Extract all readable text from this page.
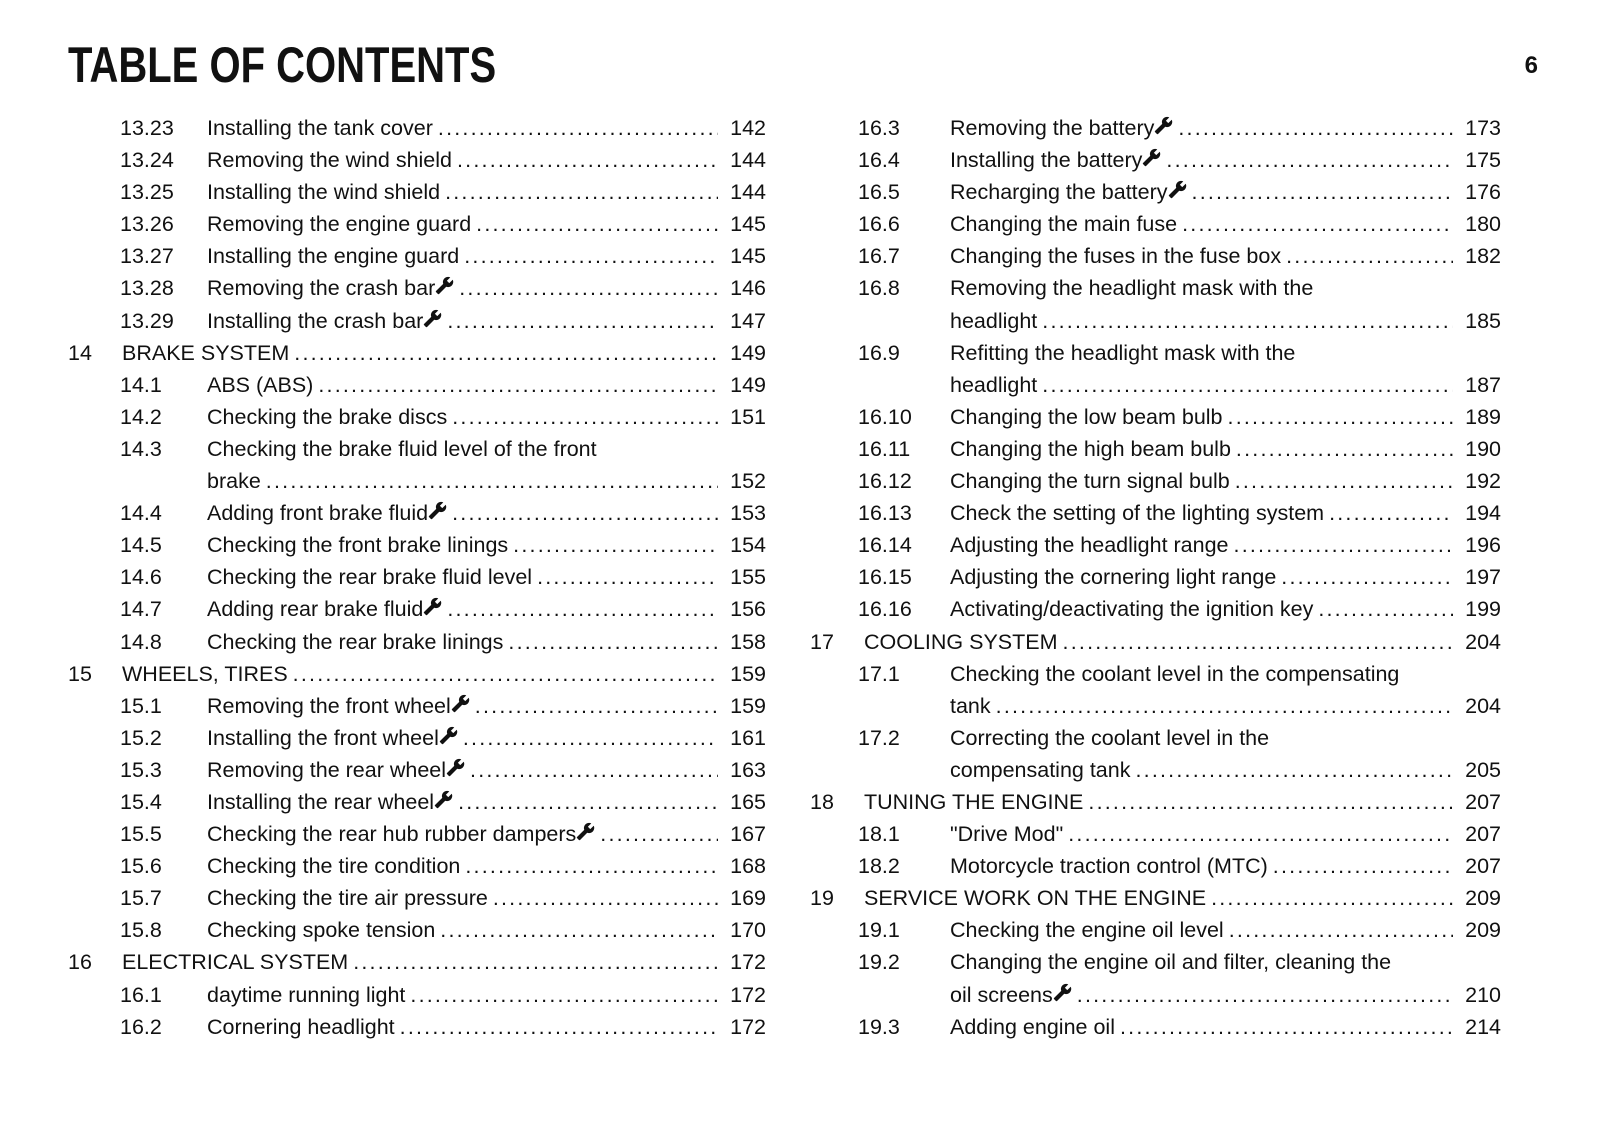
TABLE OF CONTENTS	6
13.23	Installing the tank cover .....	142
13.24	Removing the wind shield .....	144
13.25	Installing the wind shield .....	144
13.26	Removing the engine guard .....	145
13.27	Installing the engine guard .....	145
13.28	Removing the crash bar .....	146
13.29	Installing the crash bar .....	147
14	BRAKE SYSTEM .....	149
14.1	ABS (ABS) .....	149
14.2	Checking the brake discs .....	151
14.3	Checking the brake fluid level of the front
brake .....	152
14.4	Adding front brake fluid .....	153
14.5	Checking the front brake linings .....	154
14.6	Checking the rear brake fluid level .....	155
14.7	Adding rear brake fluid .....	156
14.8	Checking the rear brake linings .....	158
15	WHEELS, TIRES .....	159
15.1	Removing the front wheel .....	159
15.2	Installing the front wheel .....	161
15.3	Removing the rear wheel .....	163
15.4	Installing the rear wheel .....	165
15.5	Checking the rear hub rubber dampers .....	167
15.6	Checking the tire condition .....	168
15.7	Checking the tire air pressure .....	169
15.8	Checking spoke tension .....	170
16	ELECTRICAL SYSTEM .....	172
16.1	daytime running light .....	172
16.2	Cornering headlight .....	172
16.3	Removing the battery .....	173
16.4	Installing the battery .....	175
16.5	Recharging the battery .....	176
16.6	Changing the main fuse .....	180
16.7	Changing the fuses in the fuse box .....	182
16.8	Removing the headlight mask with the
headlight .....	185
16.9	Refitting the headlight mask with the
headlight .....	187
16.10	Changing the low beam bulb .....	189
16.11	Changing the high beam bulb .....	190
16.12	Changing the turn signal bulb .....	192
16.13	Check the setting of the lighting system .....	194
16.14	Adjusting the headlight range .....	196
16.15	Adjusting the cornering light range .....	197
16.16	Activating/deactivating the ignition key .....	199
17	COOLING SYSTEM .....	204
17.1	Checking the coolant level in the compensating
tank .....	204
17.2	Correcting the coolant level in the
compensating tank .....	205
18	TUNING THE ENGINE .....	207
18.1	"Drive Mod" .....	207
18.2	Motorcycle traction control (MTC) .....	207
19	SERVICE WORK ON THE ENGINE .....	209
19.1	Checking the engine oil level .....	209
19.2	Changing the engine oil and filter, cleaning the
oil screens .....	210
19.3	Adding engine oil .....	214
